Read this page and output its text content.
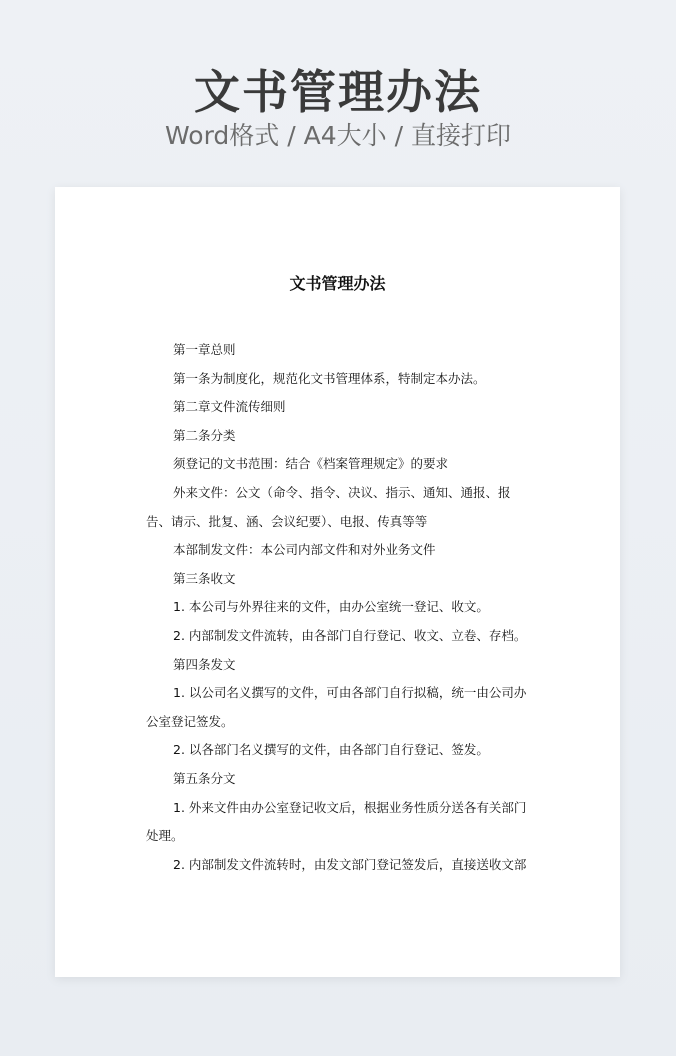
文书管理办法
Word格式 / A4大小 / 直接打印
文书管理办法

第一章总则

第一条为制度化，规范化文书管理体系，特制定本办法。

第二章文件流传细则

第二条分类

须登记的文书范围：结合《档案管理规定》的要求

外来文件：公文（命令、指令、决议、指示、通知、通报、报告、请示、批复、涵、会议纪要）、电报、传真等等

本部制发文件：本公司内部文件和对外业务文件

第三条收文

1. 本公司与外界往来的文件，由办公室统一登记、收文。

2. 内部制发文件流转，由各部门自行登记、收文、立卷、存档。

第四条发文

1. 以公司名义撰写的文件，可由各部门自行拟稿，统一由公司办公室登记签发。

2. 以各部门名义撰写的文件，由各部门自行登记、签发。

第五条分文

1. 外来文件由办公室登记收文后，根据业务性质分送各有关部门处理。

2. 内部制发文件流转时，由发文部门登记签发后，直接送收文部
